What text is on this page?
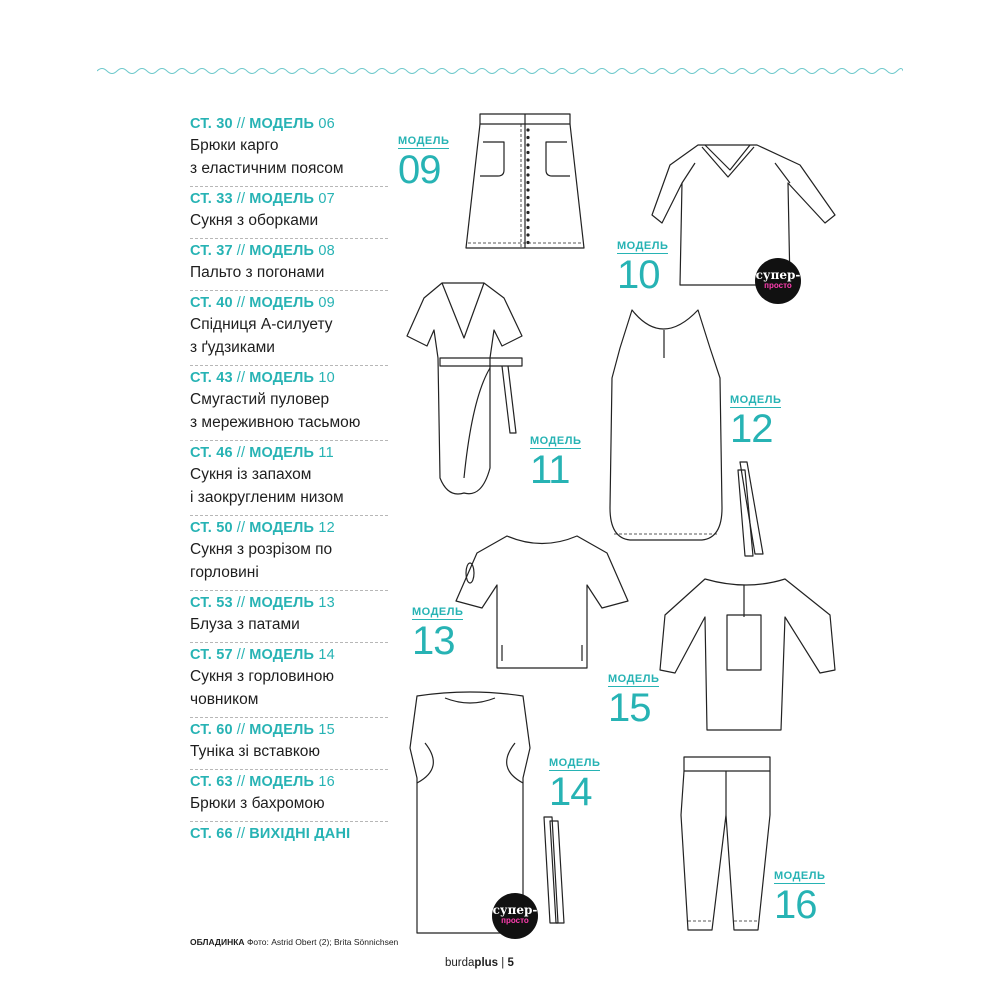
СТ. 30 // МОДЕЛЬ 06
Брюки карго
з еластичним поясом
СТ. 33 // МОДЕЛЬ 07
Сукня з оборками
СТ. 37 // МОДЕЛЬ 08
Пальто з погонами
СТ. 40 // МОДЕЛЬ 09
Спідниця А-силуету
з ґудзиками
СТ. 43 // МОДЕЛЬ 10
Смугастий пуловер
з мереживною тасьмою
СТ. 46 // МОДЕЛЬ 11
Сукня із запахом
і заокругленим низом
СТ. 50 // МОДЕЛЬ 12
Сукня з розрізом по
горловині
СТ. 53 // МОДЕЛЬ 13
Блуза з патами
СТ. 57 // МОДЕЛЬ 14
Сукня з горловиною
човником
СТ. 60 // МОДЕЛЬ 15
Туніка зі вставкою
СТ. 63 // МОДЕЛЬ 16
Брюки з бахромою
СТ. 66 // ВИХІДНІ ДАНІ
ОБЛАДИНКА Фото: Astrid Obert (2); Brita Sönnichsen
burdaplus | 5
МОДЕЛЬ
09
МОДЕЛЬ
10	супер-
просто
МОДЕЛЬ
11
МОДЕЛЬ
12
МОДЕЛЬ
13
МОДЕЛЬ
15
МОДЕЛЬ
14
супер-
просто
МОДЕЛЬ
16
